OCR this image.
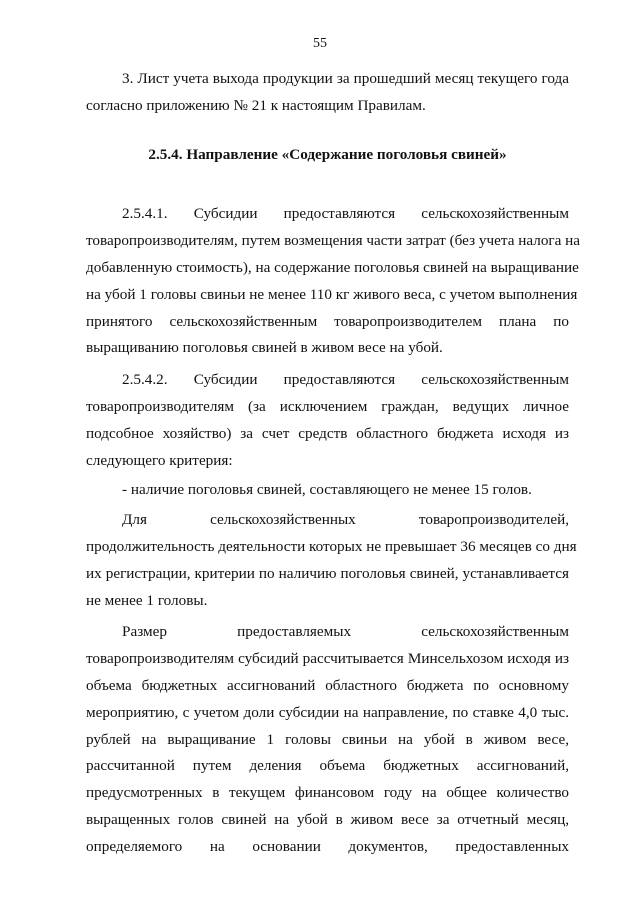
55
3. Лист учета выхода продукции за прошедший месяц текущего года
согласно приложению № 21 к настоящим Правилам.
2.5.4. Направление «Содержание поголовья свиней»
2.5.4.1. Субсидии предоставляются сельскохозяйственным
товаропроизводителям, путем возмещения части затрат (без учета налога на
добавленную стоимость), на содержание поголовья свиней на выращивание
на убой 1 головы свиньи не менее 110 кг живого веса, с учетом выполнения
принятого сельскохозяйственным товаропроизводителем плана по
выращиванию поголовья свиней в живом весе на убой.
2.5.4.2. Субсидии предоставляются сельскохозяйственным
товаропроизводителям (за исключением граждан, ведущих личное
подсобное хозяйство) за счет средств областного бюджета исходя из
следующего критерия:
- наличие поголовья свиней, составляющего не менее 15 голов.
Для сельскохозяйственных товаропроизводителей,
продолжительность деятельности которых не превышает 36 месяцев со дня
их регистрации, критерии по наличию поголовья свиней, устанавливается
не менее 1 головы.
Размер предоставляемых сельскохозяйственным
товаропроизводителям субсидий рассчитывается Минсельхозом исходя из
объема бюджетных ассигнований областного бюджета по основному
мероприятию, с учетом доли субсидии на направление, по ставке 4,0 тыс.
рублей на выращивание 1 головы свиньи на убой в живом весе,
рассчитанной путем деления объема бюджетных ассигнований,
предусмотренных в текущем финансовом году на общее количество
выращенных голов свиней на убой в живом весе за отчетный месяц,
определяемого на основании документов, предоставленных
